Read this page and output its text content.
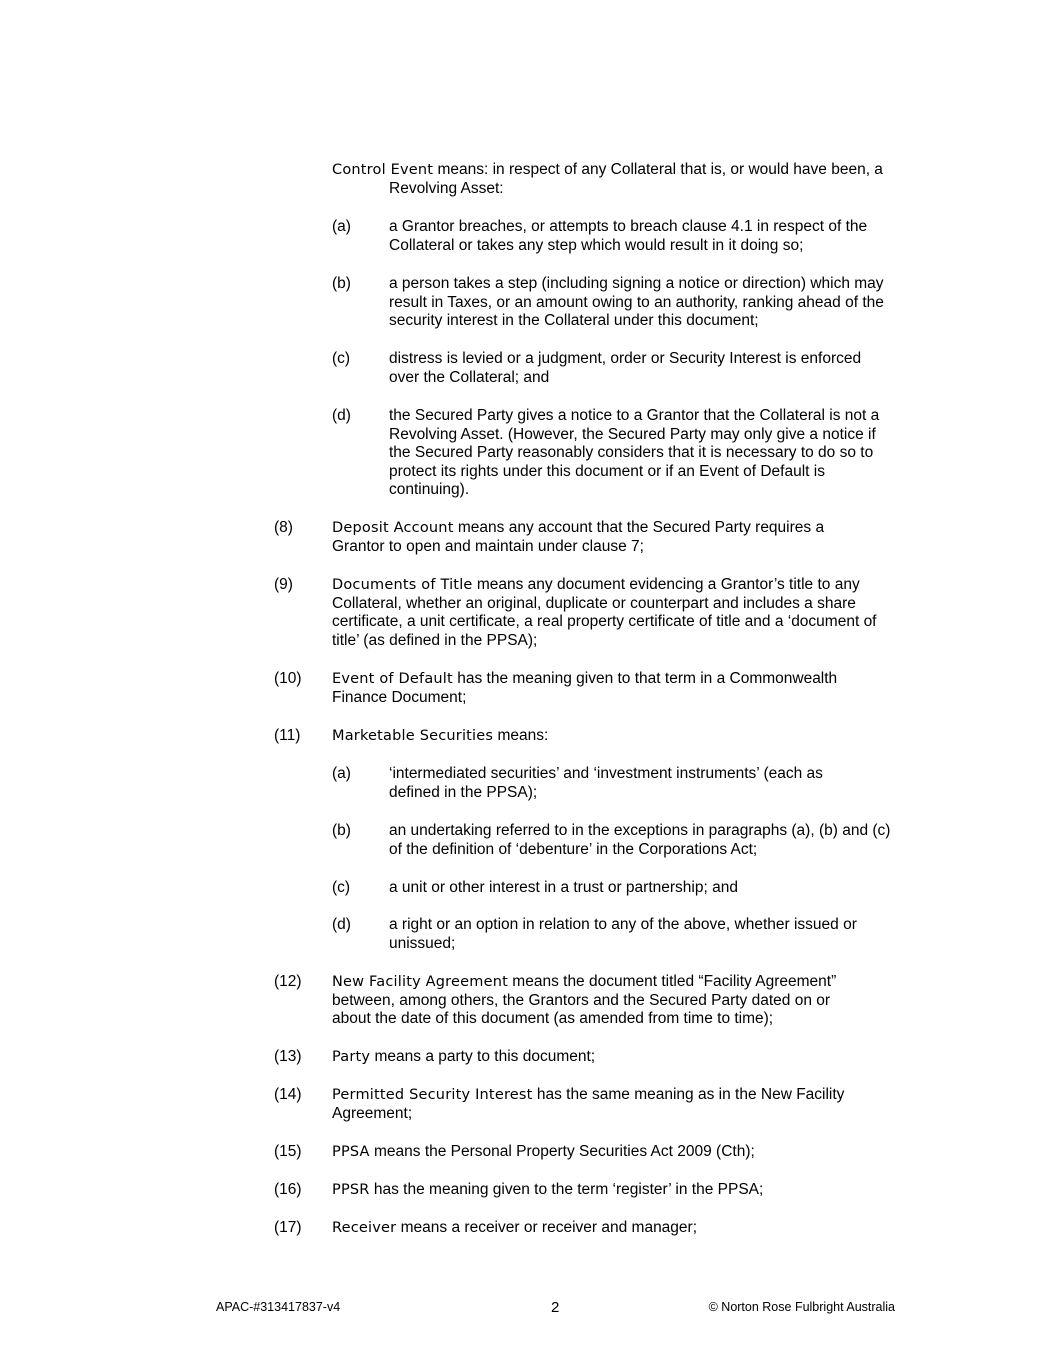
Control Event means: in respect of any Collateral that is, or would have been, a Revolving Asset:
(a) a Grantor breaches, or attempts to breach clause 4.1 in respect of the Collateral or takes any step which would result in it doing so;
(b) a person takes a step (including signing a notice or direction) which may result in Taxes, or an amount owing to an authority, ranking ahead of the security interest in the Collateral under this document;
(c)	distress is levied or a judgment, order or Security Interest is enforced over the Collateral; and
(d) the Secured Party gives a notice to a Grantor that the Collateral is not a Revolving Asset. (However, the Secured Party may only give a notice if the Secured Party reasonably considers that it is necessary to do so to protect its rights under this document or if an Event of Default is continuing).
(8)	Deposit Account means any account that the Secured Party requires a Grantor to open and maintain under clause 7;
(9)	Documents of Title means any document evidencing a Grantor’s title to any Collateral, whether an original, duplicate or counterpart and includes a share certificate, a unit certificate, a real property certificate of title and a ‘document of title’ (as defined in the PPSA);
(10) Event of Default has the meaning given to that term in a Commonwealth Finance Document;
(11) Marketable Securities means:
(a) ‘intermediated securities’ and ‘investment instruments’ (each as defined in the PPSA);
(b) an undertaking referred to in the exceptions in paragraphs (a), (b) and (c) of the definition of ‘debenture’ in the Corporations Act;
(c)	a unit or other interest in a trust or partnership; and
(d) a right or an option in relation to any of the above, whether issued or unissued;
(12) New Facility Agreement means the document titled “Facility Agreement” between, among others, the Grantors and the Secured Party dated on or about the date of this document (as amended from time to time);
(13) Party means a party to this document;
(14) Permitted Security Interest has the same meaning as in the New Facility Agreement;
(15) PPSA means the Personal Property Securities Act 2009 (Cth);
(16) PPSR has the meaning given to the term ‘register’ in the PPSA;
(17) Receiver means a receiver or receiver and manager;
APAC-#313417837-v4	2	© Norton Rose Fulbright Australia
